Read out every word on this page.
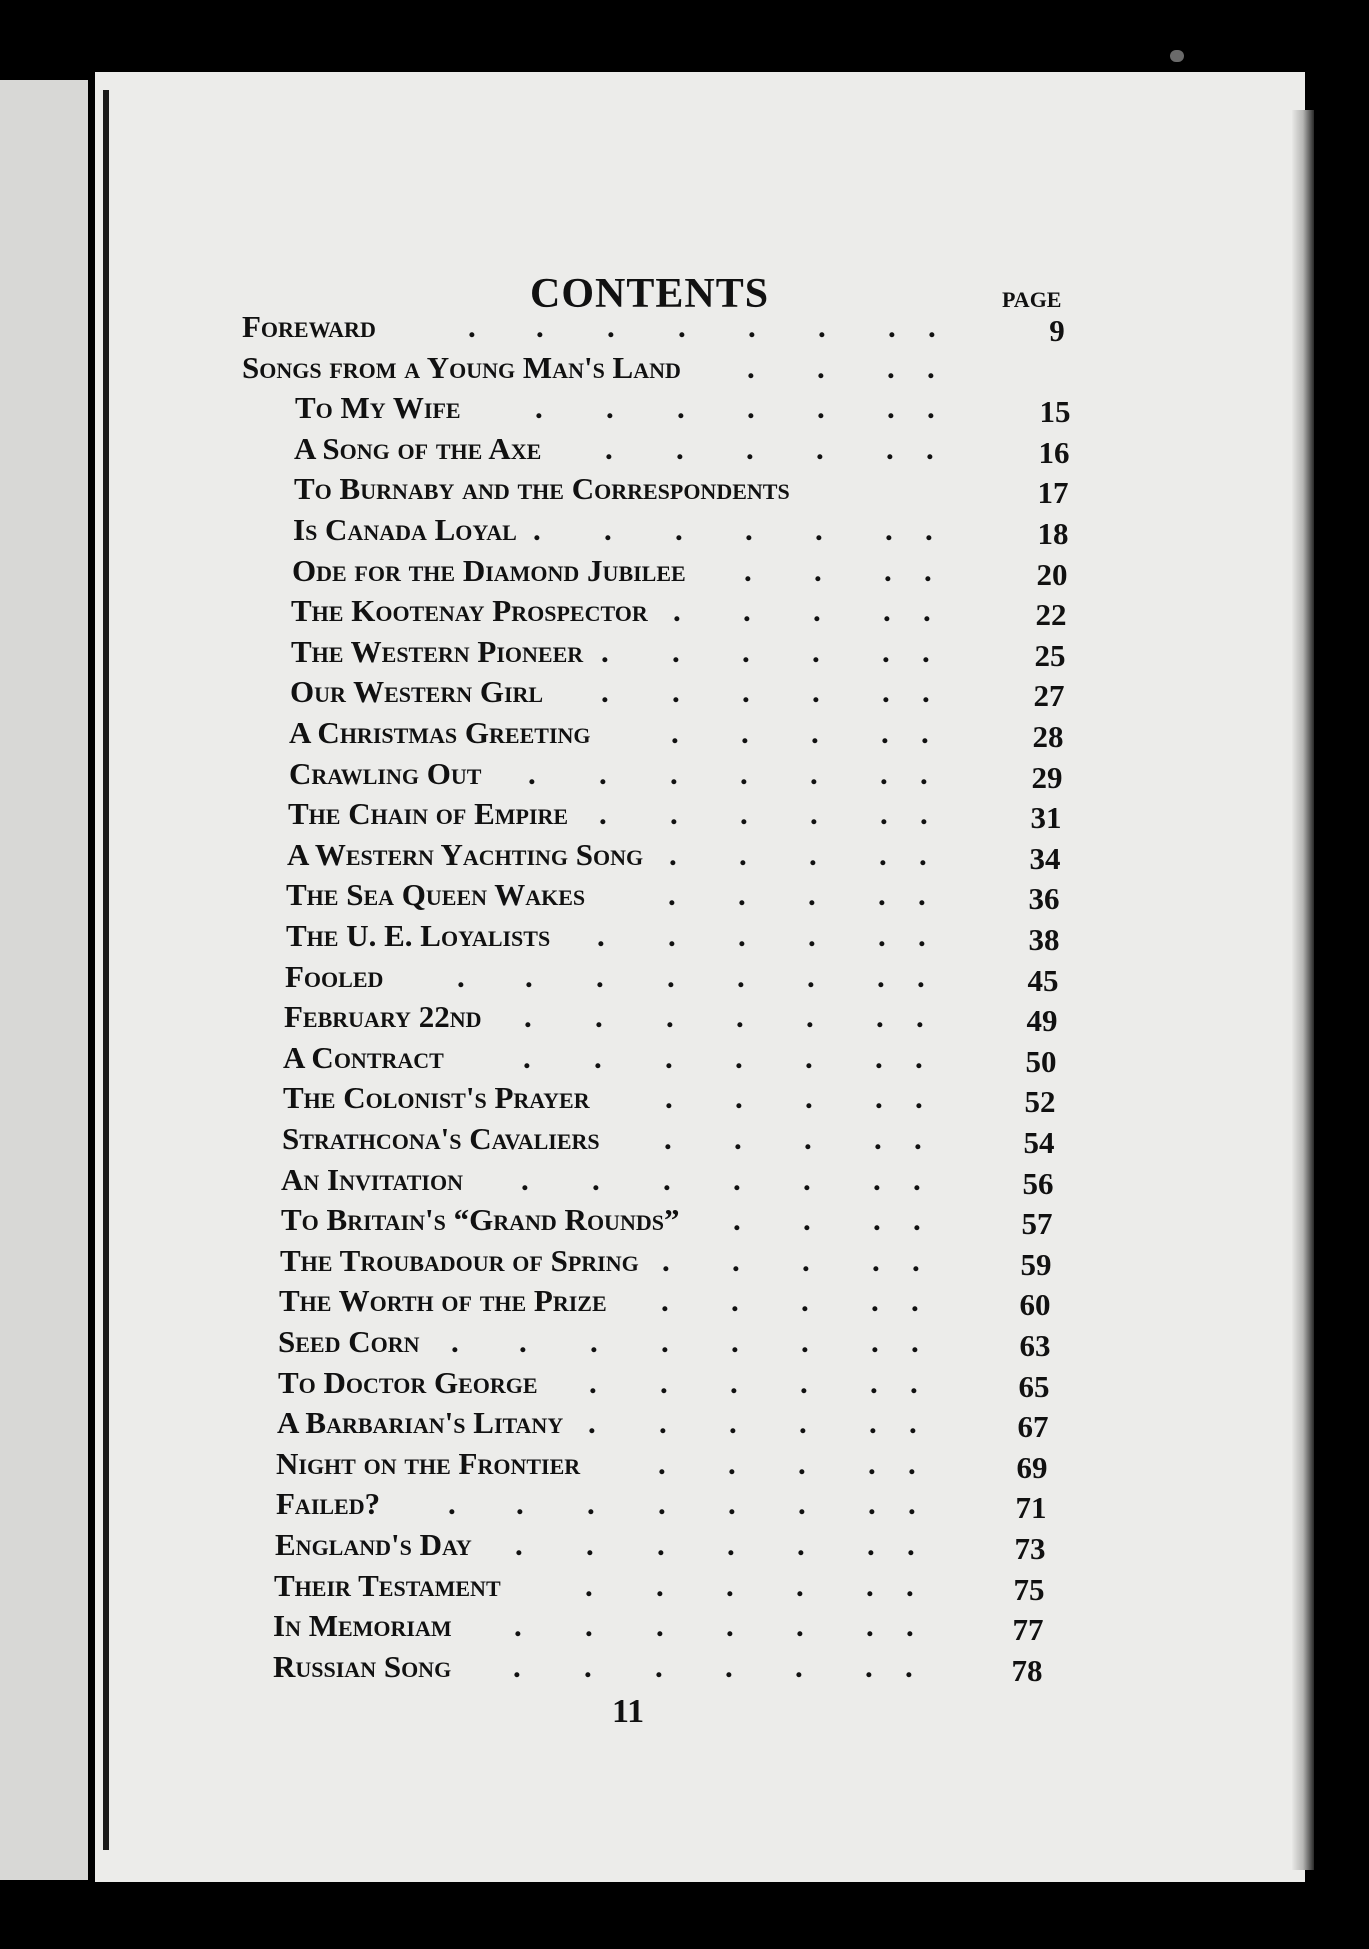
CONTENTS	PAGE
Foreward	9
. . . . . . . .
Songs from a Young Man's Land . . . .
To My Wife	15
. . . . . . .
A Song of the Axe	16
. . . . . .
To Burnaby and the Correspondents	17
Is Canada Loyal	18
. . . . . . .
Ode for the Diamond Jubilee	20
. . . .
The Kootenay Prospector	22
. . . . .
The Western Pioneer	25
. . . . . .
Our Western Girl	27
. . . . . .
A Christmas Greeting	28
. . . . .
Crawling Out	29
. . . . . . .
The Chain of Empire	31
. . . . . .
A Western Yachting Song	34
. . . . .
The Sea Queen Wakes	36
. . . . .
The U. E. Loyalists	38
. . . . . .
Fooled	45
. . . . . . . .
February 22nd	49
. . . . . . .
A Contract	50
. . . . . . .
The Colonist's Prayer	52
. . . . .
Strathcona's Cavaliers	54
. . . . .
An Invitation	56
. . . . . . .
To Britain's “Grand Rounds”	57
. . . .
The Troubadour of Spring	59
. . . . .
The Worth of the Prize	60
. . . . .
Seed Corn	63
. . . . . . . .
To Doctor George	65
. . . . . .
A Barbarian's Litany	67
. . . . . .
Night on the Frontier	69
. . . . .
Failed?	71
. . . . . . . .
England's Day	73
. . . . . . .
Their Testament	75
. . . . . .
In Memoriam	77
. . . . . . .
Russian Song	78
. . . . . . .
11
